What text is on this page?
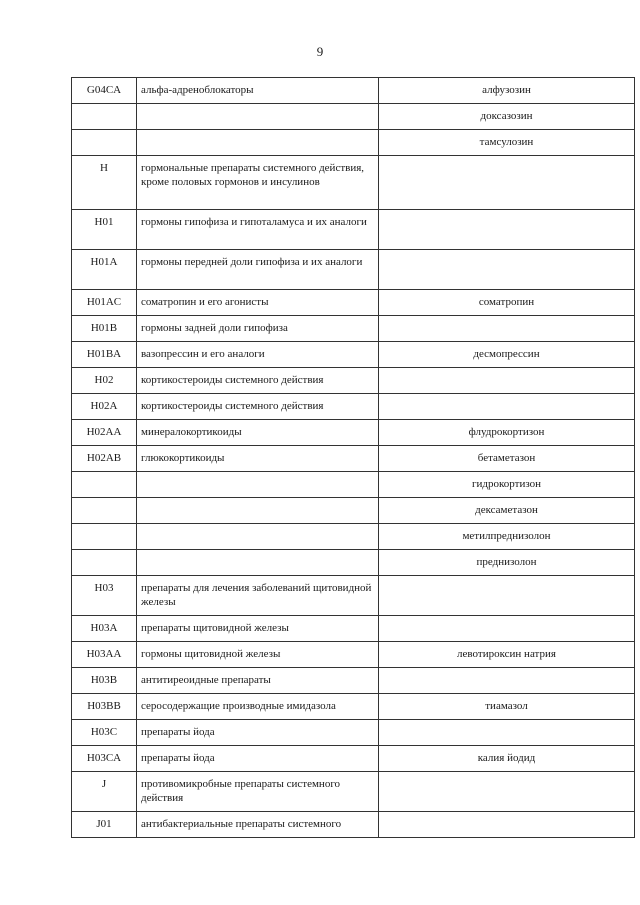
9
G04CA	альфа-адреноблокаторы	алфузозин
		доксазозин
		тамсулозин
H	гормональные препараты системного действия, кроме половых гормонов и инсулинов	
H01	гормоны гипофиза и гипоталамуса и их аналоги	
H01A	гормоны передней доли гипофиза и их аналоги	
H01AC	соматропин и его агонисты	соматропин
H01B	гормоны задней доли гипофиза	
H01BA	вазопрессин и его аналоги	десмопрессин
H02	кортикостероиды системного действия	
H02A	кортикостероиды системного действия	
H02AA	минералокортикоиды	флудрокортизон
H02AB	глюкокортикоиды	бетаметазон
		гидрокортизон
		дексаметазон
		метилпреднизолон
		преднизолон
H03	препараты для лечения заболеваний щитовидной железы	
H03A	препараты щитовидной железы	
H03AA	гормоны щитовидной железы	левотироксин натрия
H03B	антитиреоидные препараты	
H03BB	серосодержащие производные имидазола	тиамазол
H03C	препараты йода	
H03CA	препараты йода	калия йодид
J	противомикробные препараты системного действия	
J01	антибактериальные препараты системного	
